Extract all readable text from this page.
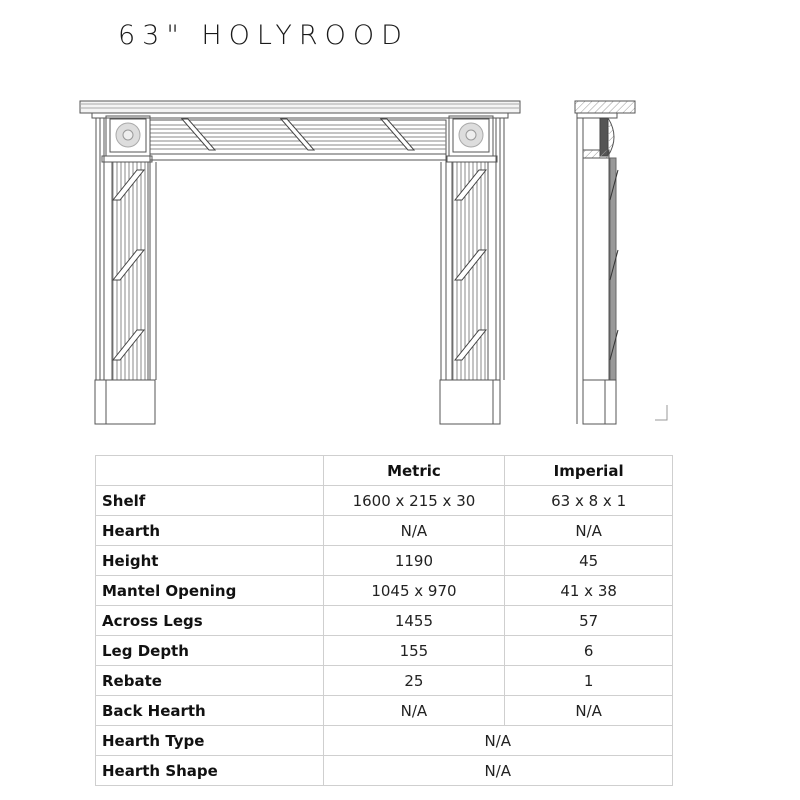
63" HOLYROOD
	Metric	Imperial
Shelf	1600 x 215 x 30	63 x 8 x 1
Hearth	N/A	N/A
Height	1190	45
Mantel Opening	1045 x 970	41 x 38
Across Legs	1455	57
Leg Depth	155	6
Rebate	25	1
Back Hearth	N/A	N/A
Hearth Type	N/A	
Hearth Shape	N/A	
